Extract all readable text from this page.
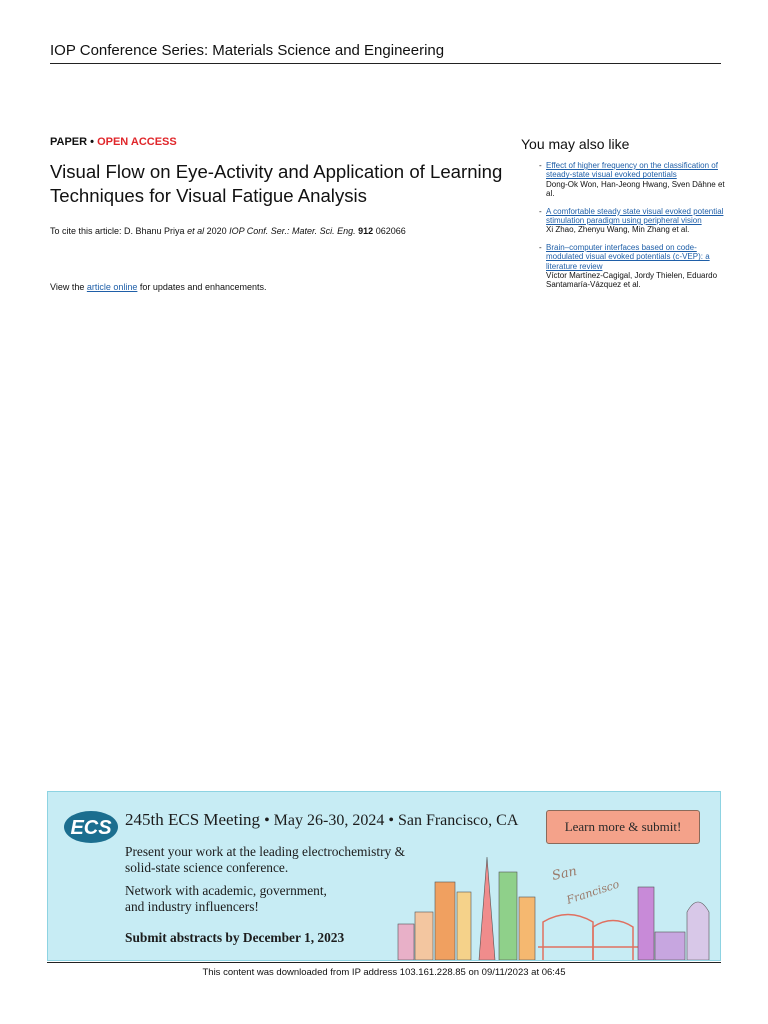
IOP Conference Series: Materials Science and Engineering
PAPER • OPEN ACCESS
Visual Flow on Eye-Activity and Application of Learning Techniques for Visual Fatigue Analysis
To cite this article: D. Bhanu Priya et al 2020 IOP Conf. Ser.: Mater. Sci. Eng. 912 062066
View the article online for updates and enhancements.
You may also like
- Effect of higher frequency on the classification of steady-state visual evoked potentials
Dong-Ok Won, Han-Jeong Hwang, Sven Dähne et al.
- A comfortable steady state visual evoked potential stimulation paradigm using peripheral vision
Xi Zhao, Zhenyu Wang, Min Zhang et al.
- Brain–computer interfaces based on code-modulated visual evoked potentials (c-VEP): a literature review
Víctor Martínez-Cagigal, Jordy Thielen, Eduardo Santamaría-Vázquez et al.
ECS 245th ECS Meeting • May 26-30, 2024 • San Francisco, CA	Learn more & submit!
Present your work at the leading electrochemistry &
solid-state science conference.
Network with academic, government,
and industry influencers!
Submit abstracts by December 1, 2023
San
Francisco
This content was downloaded from IP address 103.161.228.85 on 09/11/2023 at 06:45
